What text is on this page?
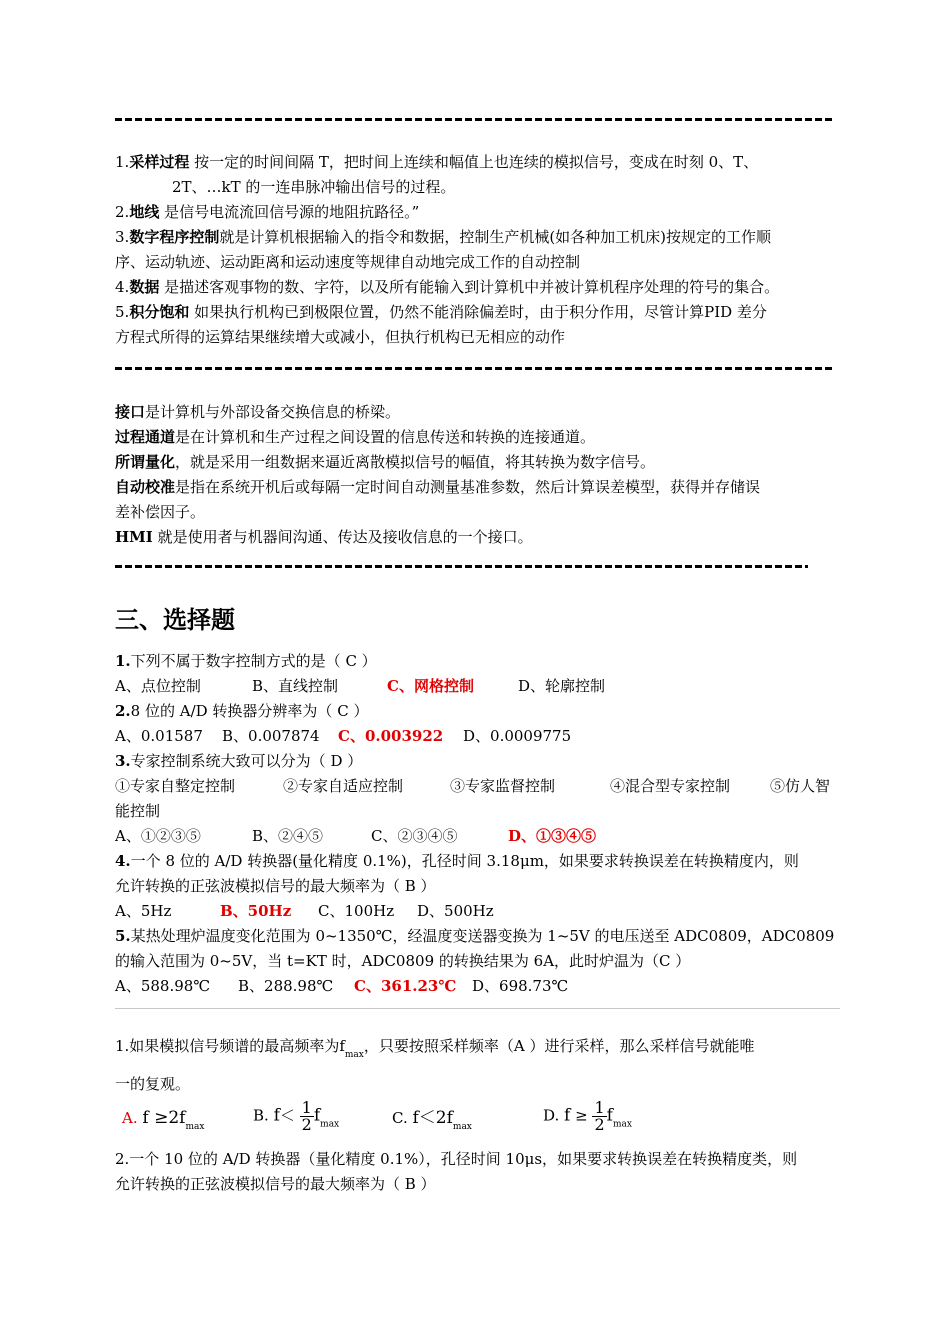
1.采样过程 按一定的时间间隔 T，把时间上连续和幅值上也连续的模拟信号，变成在时刻 0、T、
2T、…kT 的一连串脉冲输出信号的过程。
2.地线 是信号电流流回信号源的地阻抗路径。”
3.数字程序控制就是计算机根据输入的指令和数据，控制生产机械(如各种加工机床)按规定的工作顺
序、运动轨迹、运动距离和运动速度等规律自动地完成工作的自动控制
4.数据 是描述客观事物的数、字符，以及所有能输入到计算机中并被计算机程序处理的符号的集合。
5.积分饱和 如果执行机构已到极限位置，仍然不能消除偏差时，由于积分作用，尽管计算PID 差分
方程式所得的运算结果继续增大或减小，但执行机构已无相应的动作
接口是计算机与外部设备交换信息的桥梁。
过程通道是在计算机和生产过程之间设置的信息传送和转换的连接通道。
所谓量化，就是采用一组数据来逼近离散模拟信号的幅值，将其转换为数字信号。
自动校准是指在系统开机后或每隔一定时间自动测量基准参数，然后计算误差模型，获得并存储误
差补偿因子。
HMI 就是使用者与机器间沟通、传达及接收信息的一个接口。
三、选择题
1.下列不属于数字控制方式的是（ C ）
A、点位控制	B、直线控制	C、网格控制	D、轮廓控制
2.8 位的 A/D 转换器分辨率为（ C ）
A、0.01587 B、0.007874 C、0.003922 D、0.0009775
3.专家控制系统大致可以分为（ D ）
①专家自整定控制	②专家自适应控制	③专家监督控制	④混合型专家控制	⑤仿人智
能控制
A、①②③⑤	B、②④⑤	C、②③④⑤	D、①③④⑤
4.一个 8 位的 A/D 转换器(量化精度 0.1%)，孔径时间 3.18μm，如果要求转换误差在转换精度内，则
允许转换的正弦波模拟信号的最大频率为（ B ）
A、5Hz	B、50Hz C、100Hz D、500Hz
5.某热处理炉温度变化范围为 0~1350℃，经温度变送器变换为 1~5V 的电压送至 ADC0809，ADC0809
的输入范围为 0~5V，当 t=KT 时，ADC0809 的转换结果为 6A，此时炉温为（C ）
A、588.98℃ B、288.98℃ C、361.23℃ D、698.73℃
1.如果模拟信号频谱的最高频率为$f_{max}$，只要按照采样频率（A ）进行采样，那么采样信号就能唯
一的复观。
A. $f \ge 2f_{max}$
B. $f< \frac{1}{2} f_{max}$	C. $f<2f_{max}$
D. $f \ge \frac{1}{2} f_{max}$
2.一个 10 位的 A/D 转换器（量化精度 0.1%），孔径时间 10μs，如果要求转换误差在转换精度类，则
允许转换的正弦波模拟信号的最大频率为（ B ）
